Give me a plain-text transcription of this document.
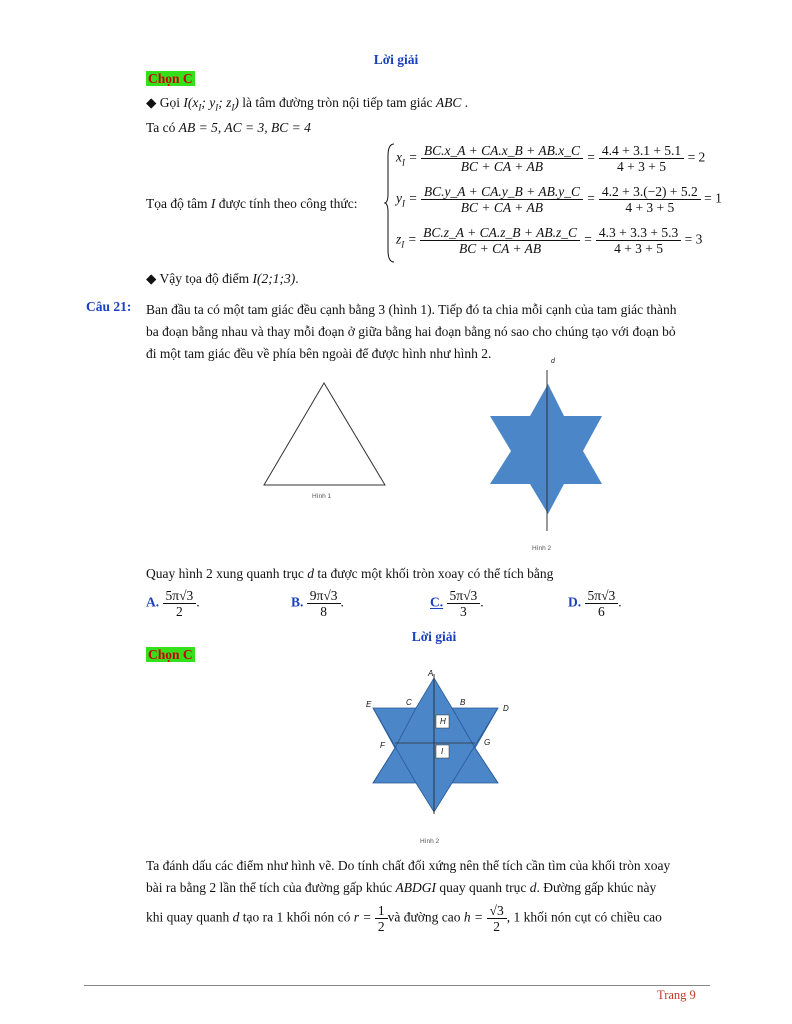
Lời giải
Chọn C
◆ Gọi $I(x_I$; $y_I$; $z_I$) là tâm đường tròn nội tiếp tam giác ABC .
Ta có AB = 5, AC = 3, BC = 4
Tọa độ tâm I được tính theo công thức:
$x_I = \frac{BC.x\_A + CA.x\_B + AB.x\_C}{BC + CA + AB} = \frac{4.4 + 3.1 + 5.1}{4 + 3 + 5} = 2$
$y_I = \frac{BC.y\_A + CA.y\_B + AB.y\_C}{BC + CA + AB} = \frac{4.2 + 3.(-2) + 5.2}{4 + 3 + 5} = 1$
$z_I = \frac{BC.z\_A + CA.z\_B + AB.z\_C}{BC + CA + AB} = \frac{4.3 + 3.3 + 5.3}{4 + 3 + 5} = 3$
◆ Vậy tọa độ điểm I(2;1;3).
Câu 21: Ban đầu ta có một tam giác đều cạnh bằng 3 (hình 1). Tiếp đó ta chia mỗi cạnh của tam giác thành
ba đoạn bằng nhau và thay mỗi đoạn ở giữa bằng hai đoạn bằng nó sao cho chúng tạo với đoạn bỏ
đi một tam giác đều về phía bên ngoài để được hình như hình 2.
Hình 1
d
Hình 2
Quay hình 2 xung quanh trục d ta được một khối tròn xoay có thể tích bằng
A. $\frac{5\pi√3}{2}$ .	B. $\frac{9\pi√3}{8}$ .	C. $\frac{5\pi√3}{3}$ .	D. $\frac{5\pi√3}{6}$ .
Lời giải
Chọn C
A
B
C
D
E
F	G
H
I
Hình 2
Ta đánh dấu các điểm như hình vẽ. Do tính chất đối xứng nên thể tích cần tìm của khối tròn xoay
bài ra bằng 2 lần thể tích của đường gấp khúc ABDGI quay quanh trục d. Đường gấp khúc này
khi quay quanh d tạo ra 1 khối nón có $r = \frac{1}{2}$ và đường cao $h = \frac{√3}{2}$ , 1 khối nón cụt có chiều cao
Trang 9
